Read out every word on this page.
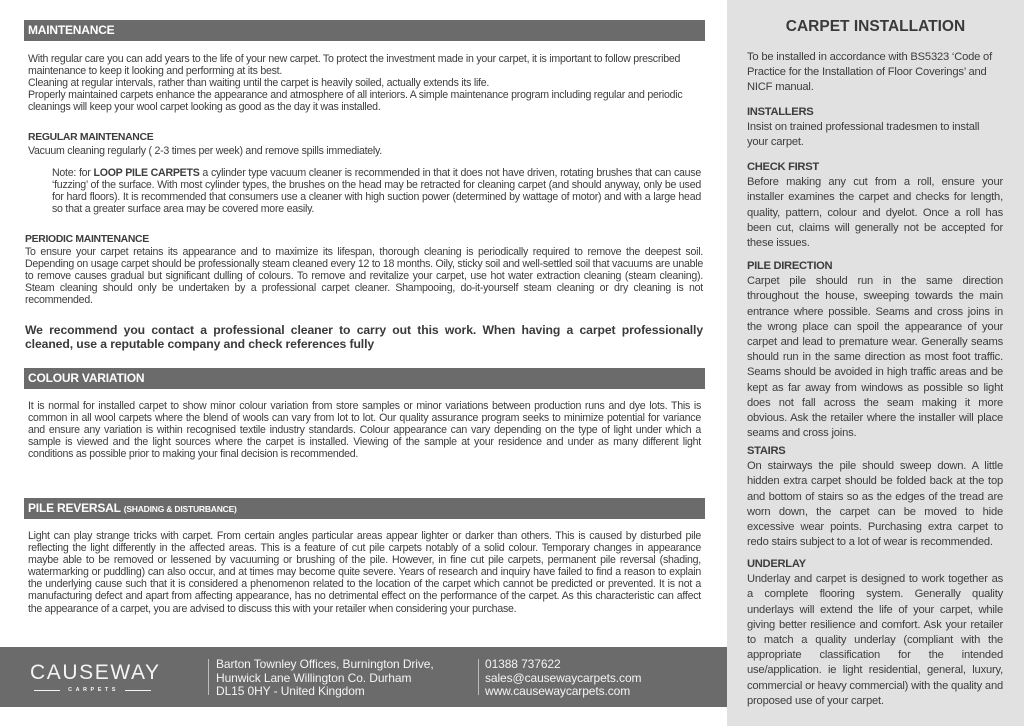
MAINTENANCE
With regular care you can add years to the life of your new carpet. To protect the investment made in your carpet, it is important to follow prescribed maintenance to keep it looking and performing at its best.
Cleaning at regular intervals, rather than waiting until the carpet is heavily soiled, actually extends its life.
Properly maintained carpets enhance the appearance and atmosphere of all interiors. A simple maintenance program including regular and periodic cleanings will keep your wool carpet looking as good as the day it was installed.
REGULAR MAINTENANCE
Vacuum cleaning regularly ( 2-3 times per week) and remove spills immediately.
Note: for LOOP PILE CARPETS a cylinder type vacuum cleaner is recommended in that it does not have driven, rotating brushes that can cause ‘fuzzing’ of the surface. With most cylinder types, the brushes on the head may be retracted for cleaning carpet (and should anyway, only be used for hard floors). It is recommended that consumers use a cleaner with high suction power (determined by wattage of motor) and with a large head so that a greater surface area may be covered more easily.
PERIODIC MAINTENANCE
To ensure your carpet retains its appearance and to maximize its lifespan, thorough cleaning is periodically required to remove the deepest soil. Depending on usage carpet should be professionally steam cleaned every 12 to 18 months. Oily, sticky soil and well-settled soil that vacuums are unable to remove causes gradual but significant dulling of colours. To remove and revitalize your carpet, use hot water extraction cleaning (steam cleaning). Steam cleaning should only be undertaken by a professional carpet cleaner. Shampooing, do-it-yourself steam cleaning or dry cleaning is not recommended.
We recommend you contact a professional cleaner to carry out this work. When having a carpet professionally cleaned, use a reputable company and check references fully
COLOUR VARIATION
It is normal for installed carpet to show minor colour variation from store samples or minor variations between production runs and dye lots. This is common in all wool carpets where the blend of wools can vary from lot to lot. Our quality assurance program seeks to minimize potential for variance and ensure any variation is within recognised textile industry standards. Colour appearance can vary depending on the type of light under which a sample is viewed and the light sources where the carpet is installed. Viewing of the sample at your residence and under as many different light conditions as possible prior to making your final decision is recommended.
PILE REVERSAL (SHADING & DISTURBANCE)
Light can play strange tricks with carpet. From certain angles particular areas appear lighter or darker than others. This is caused by disturbed pile reflecting the light differently in the affected areas. This is a feature of cut pile carpets notably of a solid colour. Temporary changes in appearance maybe able to be removed or lessened by vacuuming or brushing of the pile. However, in fine cut pile carpets, permanent pile reversal (shading, watermarking or puddling) can also occur, and at times may become quite severe. Years of research and inquiry have failed to find a reason to explain the underlying cause such that it is considered a phenomenon related to the location of the carpet which cannot be predicted or prevented. It is not a manufacturing defect and apart from affecting appearance, has no detrimental effect on the performance of the carpet. As this characteristic can affect the appearance of a carpet, you are advised to discuss this with your retailer when considering your purchase.
CAUSEWAY
CARPETS
Barton Townley Offices, Burnington Drive,
Hunwick Lane Willington Co. Durham
DL15 0HY - United Kingdom
01388 737622
sales@causewaycarpets.com
www.causewaycarpets.com
CARPET INSTALLATION
To be installed in accordance with BS5323 ‘Code of Practice for the Installation of Floor Coverings’ and NICF manual.
INSTALLERS
Insist on trained professional tradesmen to install your carpet.
CHECK FIRST
Before making any cut from a roll, ensure your installer examines the carpet and checks for length, quality, pattern, colour and dyelot. Once a roll has been cut, claims will generally not be accepted for these issues.
PILE DIRECTION
Carpet pile should run in the same direction throughout the house, sweeping towards the main entrance where possible. Seams and cross joins in the wrong place can spoil the appearance of your carpet and lead to premature wear. Generally seams should run in the same direction as most foot traffic. Seams should be avoided in high traffic areas and be kept as far away from windows as possible so light does not fall across the seam making it more obvious. Ask the retailer where the installer will place seams and cross joins.
STAIRS
On stairways the pile should sweep down. A little hidden extra carpet should be folded back at the top and bottom of stairs so as the edges of the tread are worn down, the carpet can be moved to hide excessive wear points. Purchasing extra carpet to redo stairs subject to a lot of wear is recommended.
UNDERLAY
Underlay and carpet is designed to work together as a complete flooring system. Generally quality underlays will extend the life of your carpet, while giving better resilience and comfort. Ask your retailer to match a quality underlay (compliant with the appropriate classification for the intended use/application. ie light residential, general, luxury, commercial or heavy commercial) with the quality and proposed use of your carpet.
